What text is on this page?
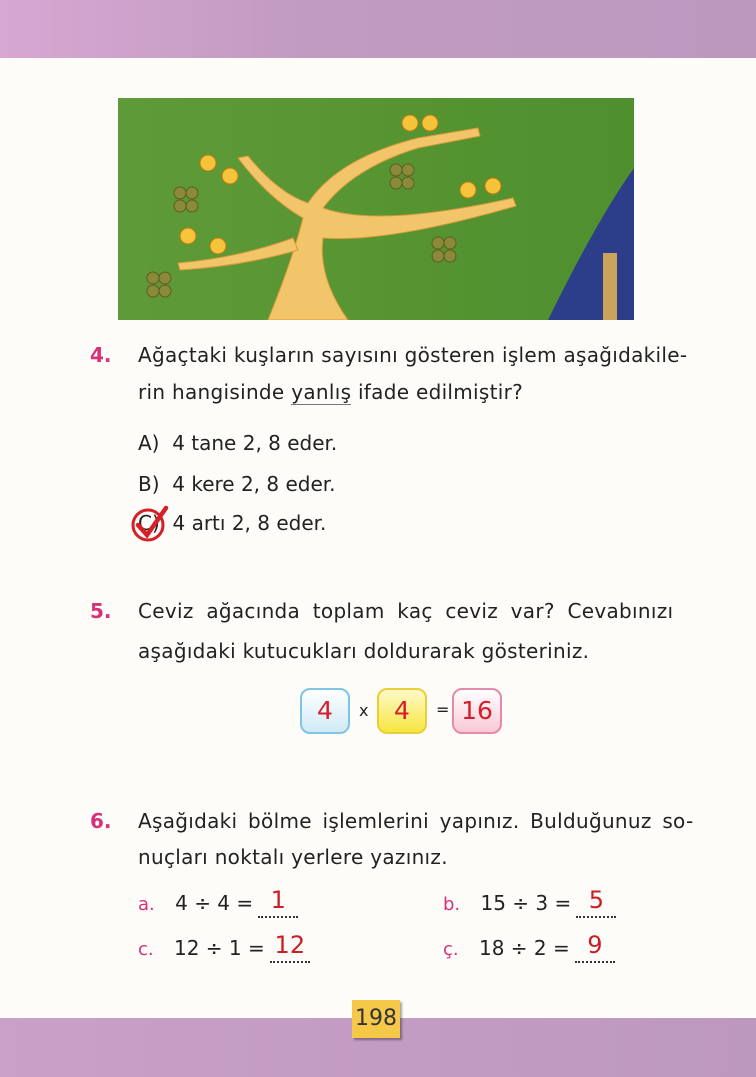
4. Ağaçtaki kuşların sayısını gösteren işlem aşağıdakile-
rin hangisinde yanlış ifade edilmiştir?
A) 4 tane 2, 8 eder.
B) 4 kere 2, 8 eder.
C) 4 artı 2, 8 eder.
5. Ceviz ağacında toplam kaç ceviz var? Cevabınızı
aşağıdaki kutucukları doldurarak gösteriniz.
4	x	4	= 16
6. Aşağıdaki bölme işlemlerini yapınız. Bulduğunuz so-
nuçları noktalı yerlere yazınız.
a. 4 ÷ 4 = 1	b. 15 ÷ 3 = 5
c. 12 ÷ 1 = 12	ç. 18 ÷ 2 = 9
198
